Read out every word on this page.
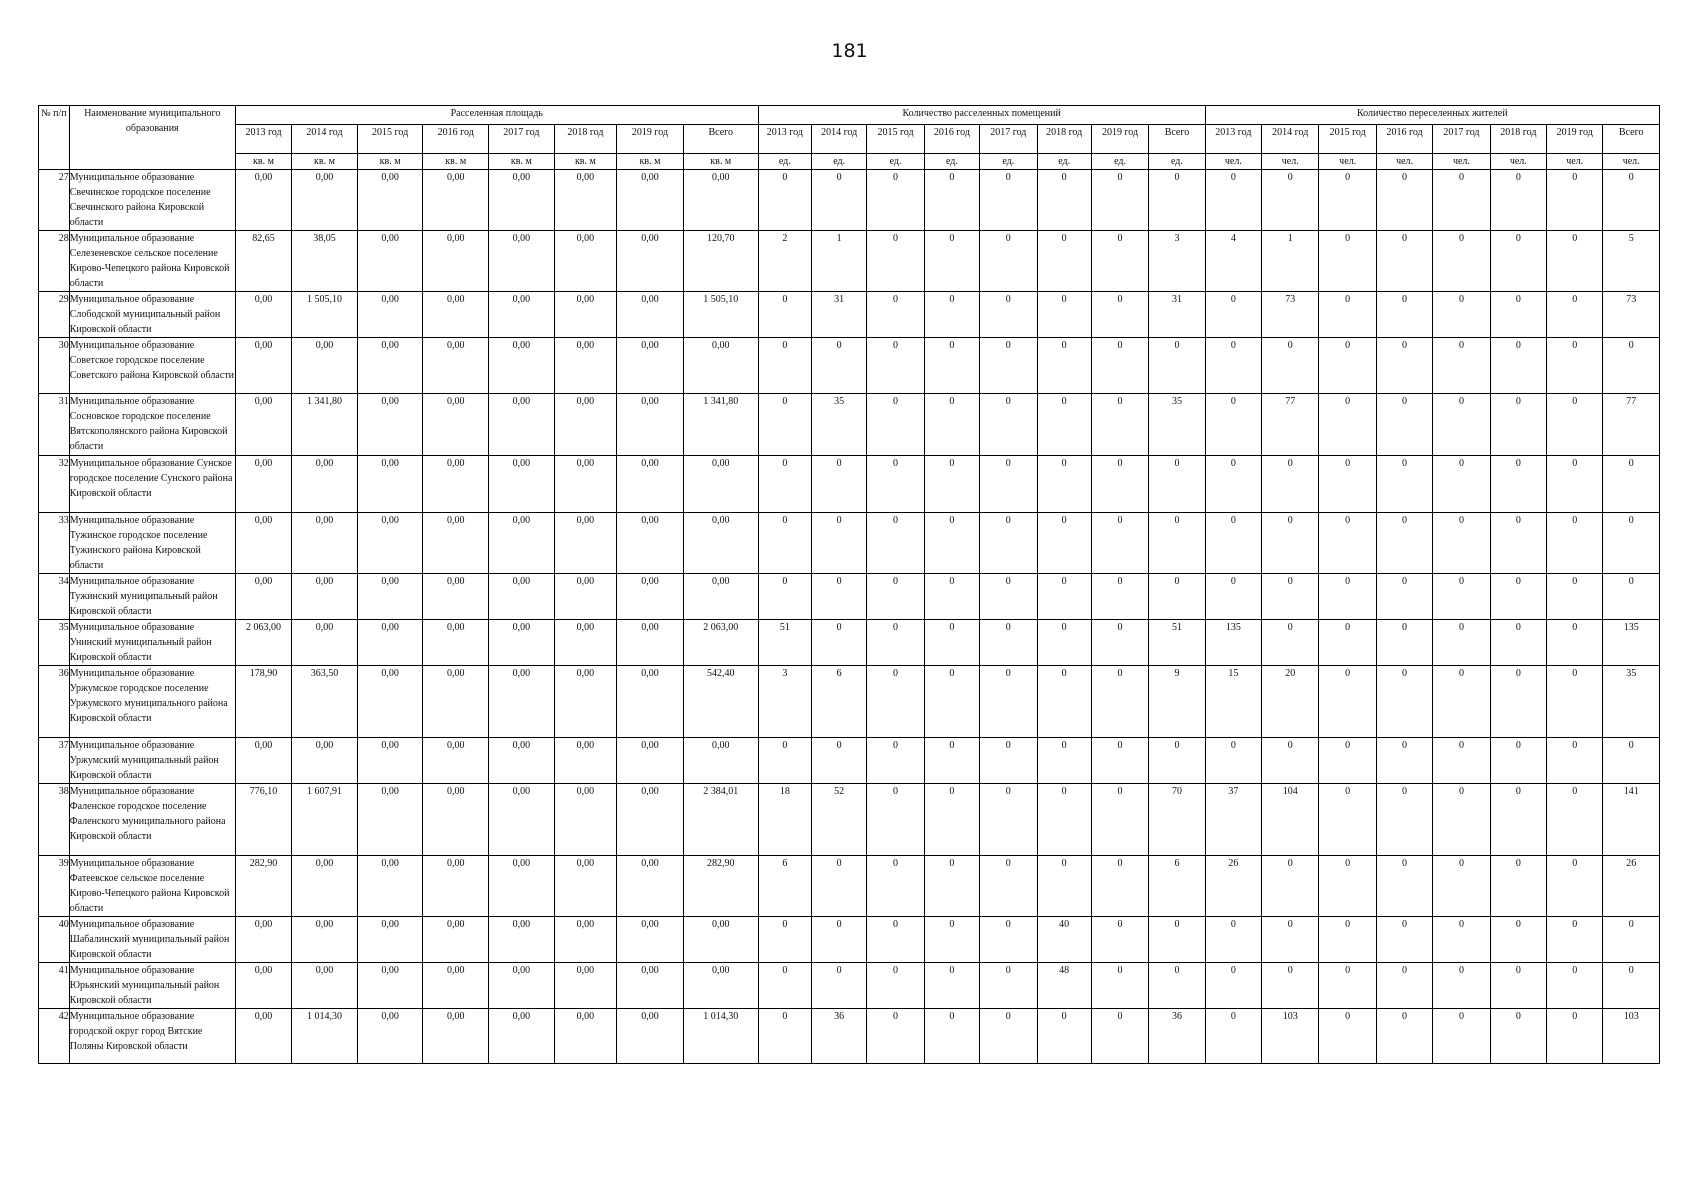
181
№ п/п	Наименование муниципального образования	Расселенная площадь								Количество расселенных помещений								Количество переселенных жителей							
		2013 год	2014 год	2015 год	2016 год	2017 год	2018 год	2019 год	Всего	2013 год	2014 год	2015 год	2016 год	2017 год	2018 год	2019 год	Всего	2013 год	2014 год	2015 год	2016 год	2017 год	2018 год	2019 год	Всего
		кв. м	кв. м	кв. м	кв. м	кв. м	кв. м	кв. м	кв. м	ед.	ед.	ед.	ед.	ед.	ед.	ед.	ед.	чел.	чел.	чел.	чел.	чел.	чел.	чел.	чел.
27	Муниципальное образование Свечинское городское поселение Свечинского района Кировской области	0,00	0,00	0,00	0,00	0,00	0,00	0,00	0,00	0	0	0	0	0	0	0	0	0	0	0	0	0	0	0	0
28	Муниципальное образование Селезеневское сельское поселение Кирово-Чепецкого района Кировской области	82,65	38,05	0,00	0,00	0,00	0,00	0,00	120,70	2	1	0	0	0	0	0	3	4	1	0	0	0	0	0	5
29	Муниципальное образование Слободской муниципальный район Кировской области	0,00	1 505,10	0,00	0,00	0,00	0,00	0,00	1 505,10	0	31	0	0	0	0	0	31	0	73	0	0	0	0	0	73
30	Муниципальное образование Советское городское поселение Советского района Кировской области	0,00	0,00	0,00	0,00	0,00	0,00	0,00	0,00	0	0	0	0	0	0	0	0	0	0	0	0	0	0	0	0
31	Муниципальное образование Сосновское городское поселение Вятскополянского района Кировской области	0,00	1 341,80	0,00	0,00	0,00	0,00	0,00	1 341,80	0	35	0	0	0	0	0	35	0	77	0	0	0	0	0	77
32	Муниципальное образование Сунское городское поселение Сунского района Кировской области	0,00	0,00	0,00	0,00	0,00	0,00	0,00	0,00	0	0	0	0	0	0	0	0	0	0	0	0	0	0	0	0
33	Муниципальное образование Тужинское городское поселение Тужинского района Кировской области	0,00	0,00	0,00	0,00	0,00	0,00	0,00	0,00	0	0	0	0	0	0	0	0	0	0	0	0	0	0	0	0
34	Муниципальное образование Тужинский муниципальный район Кировской области	0,00	0,00	0,00	0,00	0,00	0,00	0,00	0,00	0	0	0	0	0	0	0	0	0	0	0	0	0	0	0	0
35	Муниципальное образование Унинский муниципальный район Кировской области	2 063,00	0,00	0,00	0,00	0,00	0,00	0,00	2 063,00	51	0	0	0	0	0	0	51	135	0	0	0	0	0	0	135
36	Муниципальное образование Уржумское городское поселение Уржумского муниципального района Кировской области	178,90	363,50	0,00	0,00	0,00	0,00	0,00	542,40	3	6	0	0	0	0	0	9	15	20	0	0	0	0	0	35
37	Муниципальное образование Уржумский муниципальный район Кировской области	0,00	0,00	0,00	0,00	0,00	0,00	0,00	0,00	0	0	0	0	0	0	0	0	0	0	0	0	0	0	0	0
38	Муниципальное образование Фаленское городское поселение Фаленского муниципального района Кировской области	776,10	1 607,91	0,00	0,00	0,00	0,00	0,00	2 384,01	18	52	0	0	0	0	0	70	37	104	0	0	0	0	0	141
39	Муниципальное образование Фатеевское сельское поселение Кирово-Чепецкого района Кировской области	282,90	0,00	0,00	0,00	0,00	0,00	0,00	282,90	6	0	0	0	0	0	0	6	26	0	0	0	0	0	0	26
40	Муниципальное образование Шабалинский муниципальный район Кировской области	0,00	0,00	0,00	0,00	0,00	0,00	0,00	0,00	0	0	0	0	0	40	0	0	0	0	0	0	0	0	0	0
41	Муниципальное образование Юрьянский муниципальный район Кировской области	0,00	0,00	0,00	0,00	0,00	0,00	0,00	0,00	0	0	0	0	0	48	0	0	0	0	0	0	0	0	0	0
42	Муниципальное образование городской округ город Вятские Поляны Кировской области	0,00	1 014,30	0,00	0,00	0,00	0,00	0,00	1 014,30	0	36	0	0	0	0	0	36	0	103	0	0	0	0	0	103
